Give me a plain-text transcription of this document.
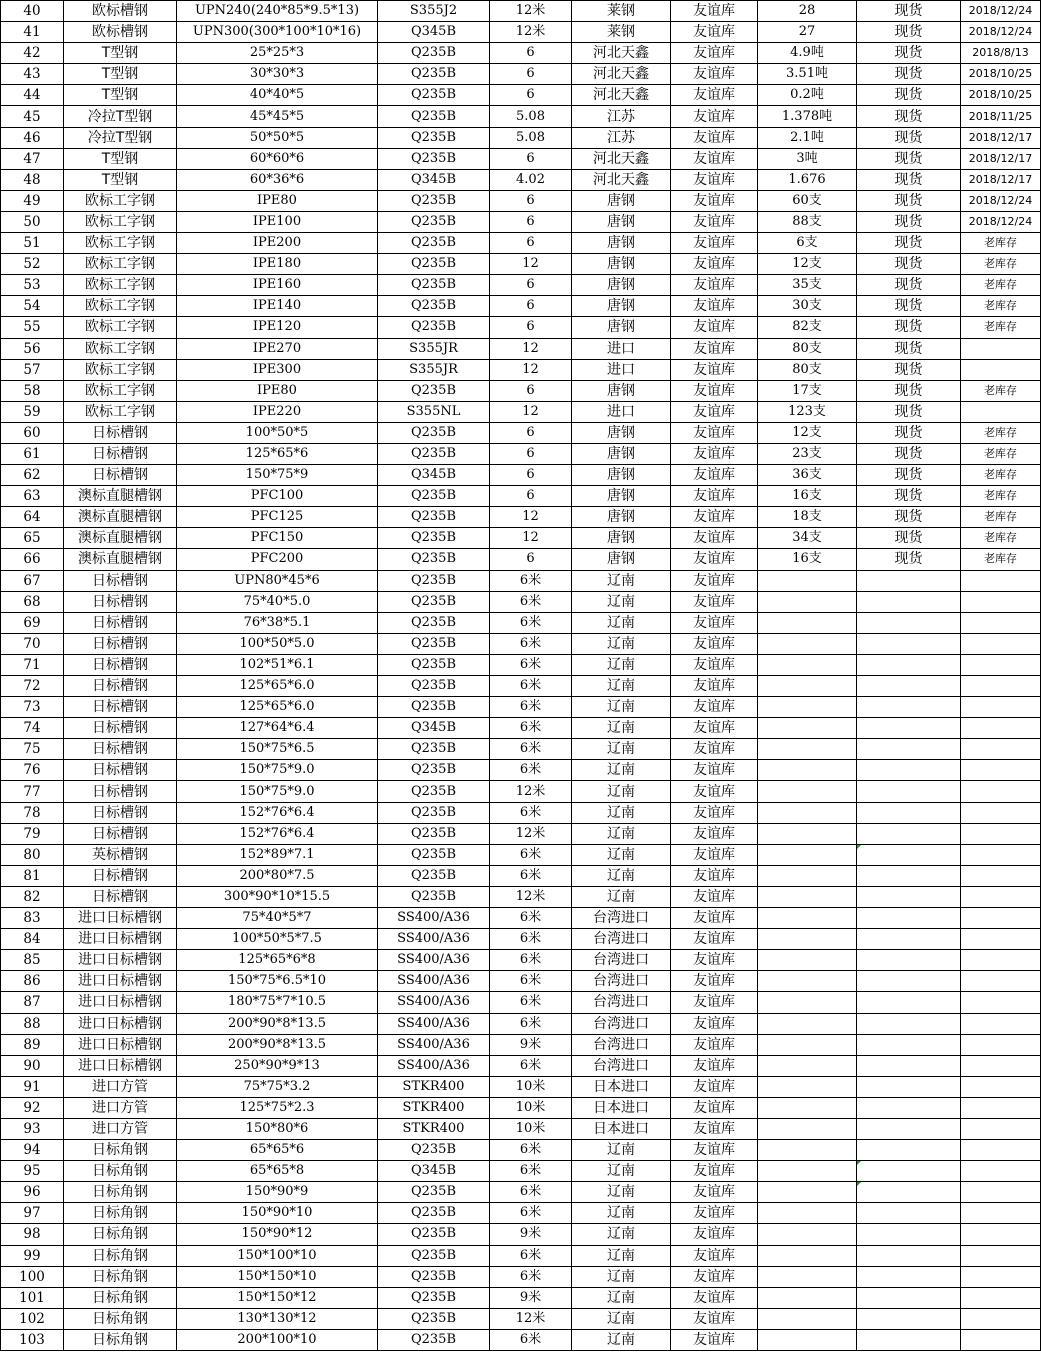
40	欧标槽钢	UPN240(240*85*9.5*13)	S355J2	12米	莱钢	友谊库	28	现货	2018/12/24
41	欧标槽钢	UPN300(300*100*10*16)	Q345B	12米	莱钢	友谊库	27	现货	2018/12/24
42	T型钢	25*25*3	Q235B	6	河北天鑫	友谊库	4.9吨	现货	2018/8/13
43	T型钢	30*30*3	Q235B	6	河北天鑫	友谊库	3.51吨	现货	2018/10/25
44	T型钢	40*40*5	Q235B	6	河北天鑫	友谊库	0.2吨	现货	2018/10/25
45	冷拉T型钢	45*45*5	Q235B	5.08	江苏	友谊库	1.378吨	现货	2018/11/25
46	冷拉T型钢	50*50*5	Q235B	5.08	江苏	友谊库	2.1吨	现货	2018/12/17
47	T型钢	60*60*6	Q235B	6	河北天鑫	友谊库	3吨	现货	2018/12/17
48	T型钢	60*36*6	Q345B	4.02	河北天鑫	友谊库	1.676	现货	2018/12/17
49	欧标工字钢	IPE80	Q235B	6	唐钢	友谊库	60支	现货	2018/12/24
50	欧标工字钢	IPE100	Q235B	6	唐钢	友谊库	88支	现货	2018/12/24
51	欧标工字钢	IPE200	Q235B	6	唐钢	友谊库	6支	现货	老库存
52	欧标工字钢	IPE180	Q235B	12	唐钢	友谊库	12支	现货	老库存
53	欧标工字钢	IPE160	Q235B	6	唐钢	友谊库	35支	现货	老库存
54	欧标工字钢	IPE140	Q235B	6	唐钢	友谊库	30支	现货	老库存
55	欧标工字钢	IPE120	Q235B	6	唐钢	友谊库	82支	现货	老库存
56	欧标工字钢	IPE270	S355JR	12	进口	友谊库	80支	现货	
57	欧标工字钢	IPE300	S355JR	12	进口	友谊库	80支	现货	
58	欧标工字钢	IPE80	Q235B	6	唐钢	友谊库	17支	现货	老库存
59	欧标工字钢	IPE220	S355NL	12	进口	友谊库	123支	现货	
60	日标槽钢	100*50*5	Q235B	6	唐钢	友谊库	12支	现货	老库存
61	日标槽钢	125*65*6	Q235B	6	唐钢	友谊库	23支	现货	老库存
62	日标槽钢	150*75*9	Q345B	6	唐钢	友谊库	36支	现货	老库存
63	澳标直腿槽钢	PFC100	Q235B	6	唐钢	友谊库	16支	现货	老库存
64	澳标直腿槽钢	PFC125	Q235B	12	唐钢	友谊库	18支	现货	老库存
65	澳标直腿槽钢	PFC150	Q235B	12	唐钢	友谊库	34支	现货	老库存
66	澳标直腿槽钢	PFC200	Q235B	6	唐钢	友谊库	16支	现货	老库存
67	日标槽钢	UPN80*45*6	Q235B	6米	辽南	友谊库			
68	日标槽钢	75*40*5.0	Q235B	6米	辽南	友谊库			
69	日标槽钢	76*38*5.1	Q235B	6米	辽南	友谊库			
70	日标槽钢	100*50*5.0	Q235B	6米	辽南	友谊库			
71	日标槽钢	102*51*6.1	Q235B	6米	辽南	友谊库			
72	日标槽钢	125*65*6.0	Q235B	6米	辽南	友谊库			
73	日标槽钢	125*65*6.0	Q235B	6米	辽南	友谊库			
74	日标槽钢	127*64*6.4	Q345B	6米	辽南	友谊库			
75	日标槽钢	150*75*6.5	Q235B	6米	辽南	友谊库			
76	日标槽钢	150*75*9.0	Q235B	6米	辽南	友谊库			
77	日标槽钢	150*75*9.0	Q235B	12米	辽南	友谊库			
78	日标槽钢	152*76*6.4	Q235B	6米	辽南	友谊库			
79	日标槽钢	152*76*6.4	Q235B	12米	辽南	友谊库			
80	英标槽钢	152*89*7.1	Q235B	6米	辽南	友谊库			
81	日标槽钢	200*80*7.5	Q235B	6米	辽南	友谊库			
82	日标槽钢	300*90*10*15.5	Q235B	12米	辽南	友谊库			
83	进口日标槽钢	75*40*5*7	SS400/A36	6米	台湾进口	友谊库			
84	进口日标槽钢	100*50*5*7.5	SS400/A36	6米	台湾进口	友谊库			
85	进口日标槽钢	125*65*6*8	SS400/A36	6米	台湾进口	友谊库			
86	进口日标槽钢	150*75*6.5*10	SS400/A36	6米	台湾进口	友谊库			
87	进口日标槽钢	180*75*7*10.5	SS400/A36	6米	台湾进口	友谊库			
88	进口日标槽钢	200*90*8*13.5	SS400/A36	6米	台湾进口	友谊库			
89	进口日标槽钢	200*90*8*13.5	SS400/A36	9米	台湾进口	友谊库			
90	进口日标槽钢	250*90*9*13	SS400/A36	6米	台湾进口	友谊库			
91	进口方管	75*75*3.2	STKR400	10米	日本进口	友谊库			
92	进口方管	125*75*2.3	STKR400	10米	日本进口	友谊库			
93	进口方管	150*80*6	STKR400	10米	日本进口	友谊库			
94	日标角钢	65*65*6	Q235B	6米	辽南	友谊库			
95	日标角钢	65*65*8	Q345B	6米	辽南	友谊库			
96	日标角钢	150*90*9	Q235B	6米	辽南	友谊库			
97	日标角钢	150*90*10	Q235B	6米	辽南	友谊库			
98	日标角钢	150*90*12	Q235B	9米	辽南	友谊库			
99	日标角钢	150*100*10	Q235B	6米	辽南	友谊库			
100	日标角钢	150*150*10	Q235B	6米	辽南	友谊库			
101	日标角钢	150*150*12	Q235B	9米	辽南	友谊库			
102	日标角钢	130*130*12	Q235B	12米	辽南	友谊库			
103	日标角钢	200*100*10	Q235B	6米	辽南	友谊库			
